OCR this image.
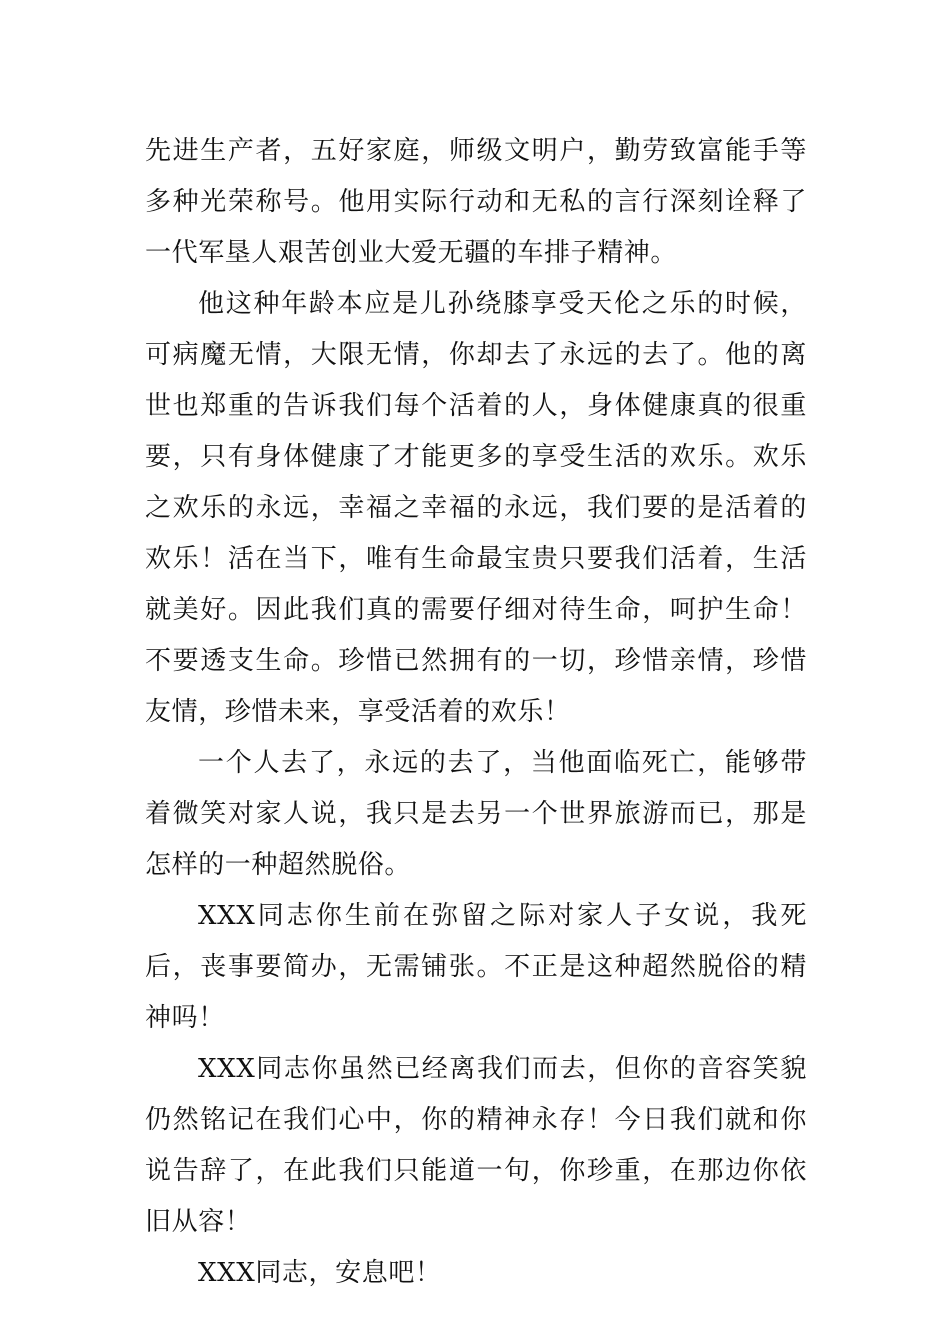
先进生产者，五好家庭，师级文明户，勤劳致富能手等多种光荣称号。他用实际行动和无私的言行深刻诠释了一代军垦人艰苦创业大爱无疆的车排子精神。

他这种年龄本应是儿孙绕膝享受天伦之乐的时候，可病魔无情，大限无情，你却去了永远的去了。他的离世也郑重的告诉我们每个活着的人，身体健康真的很重要，只有身体健康了才能更多的享受生活的欢乐。欢乐之欢乐的永远，幸福之幸福的永远，我们要的是活着的欢乐！活在当下，唯有生命最宝贵只要我们活着，生活就美好。因此我们真的需要仔细对待生命，呵护生命！不要透支生命。珍惜已然拥有的一切，珍惜亲情，珍惜友情，珍惜未来，享受活着的欢乐！

一个人去了，永远的去了，当他面临死亡，能够带着微笑对家人说，我只是去另一个世界旅游而已，那是怎样的一种超然脱俗。

XXX同志你生前在弥留之际对家人子女说，我死后，丧事要简办，无需铺张。不正是这种超然脱俗的精神吗！

XXX同志你虽然已经离我们而去，但你的音容笑貌仍然铭记在我们心中，你的精神永存！今日我们就和你说告辞了，在此我们只能道一句，你珍重，在那边你依旧从容！

XXX同志，安息吧！
